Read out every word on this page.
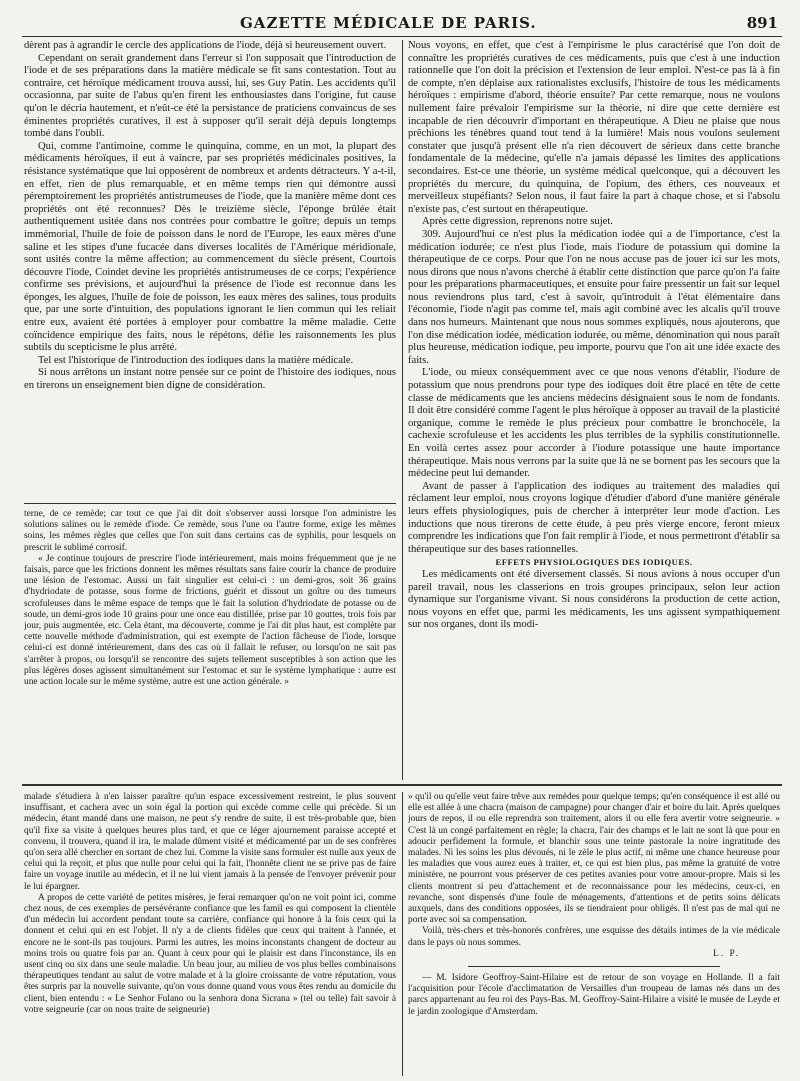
GAZETTE MÉDICALE DE PARIS.	891

dèrent pas à agrandir le cercle des applications de l'iode, déjà si heureusement ouvert.

Cependant on serait grandement dans l'erreur si l'on supposait que l'introduction de l'iode et de ses préparations dans la matière médicale se fît sans contestation. Tout au contraire, cet héroïque médicament trouva aussi, lui, ses Guy Patin. Les accidents qu'il occasionna, par suite de l'abus qu'en firent les enthousiastes dans l'origine, fut cause qu'on le décria hautement, et n'eût-ce été la persistance de praticiens convaincus de ses éminentes propriétés curatives, il est à supposer qu'il serait déjà depuis longtemps tombé dans l'oubli.

Qui, comme l'antimoine, comme le quinquina, comme, en un mot, la plupart des médicaments héroïques, il eut à vaincre, par ses propriétés médicinales positives, la résistance systématique que lui opposèrent de nombreux et ardents détracteurs. Y a-t-il, en effet, rien de plus remarquable, et en même temps rien qui démontre aussi péremptoirement les propriétés antistrumeuses de l'iode, que la manière même dont ces propriétés ont été reconnues? Dès le treizième siècle, l'éponge brûlée était authentiquement usitée dans nos contrées pour combattre le goître; depuis un temps immémorial, l'huile de foie de poisson dans le nord de l'Europe, les eaux mères d'une saline et les stipes d'une fucacée dans diverses localités de l'Amérique méridionale, sont usités contre la même affection; au commencement du siècle présent, Courtois découvre l'iode, Coindet devine les propriétés antistrumeuses de ce corps; l'expérience confirme ses prévisions, et aujourd'hui la présence de l'iode est reconnue dans les éponges, les algues, l'huile de foie de poisson, les eaux mères des salines, tous produits que, par une sorte d'intuition, des populations ignorant le lien commun qui les reliait entre eux, avaient été portées à employer pour combattre la même maladie. Cette coïncidence empirique des faits, nous le répétons, défie les raisonnements les plus subtils du scepticisme le plus arrêté.

Tel est l'historique de l'introduction des iodiques dans la matière médicale.

Si nous arrêtons un instant notre pensée sur ce point de l'histoire des iodiques, nous en tirerons un enseignement bien digne de considération.

terne, de ce remède; car tout ce que j'ai dit doit s'observer aussi lorsque l'on administre les solutions salines ou le remède d'iode. Ce remède, sous l'une ou l'autre forme, exige les mêmes soins, les mêmes règles que celles que l'on suit dans certains cas de syphilis, pour lesquels on prescrit le sublimé corrosif.

« Je continue toujours de prescrire l'iode intérieurement, mais moins fréquemment que je ne faisais, parce que les frictions donnent les mêmes résultats sans faire courir la chance de produire une lésion de l'estomac. Aussi un fait singulier est celui-ci : un demi-gros, soit 36 grains d'hydriodate de potasse, sous forme de frictions, guérit et dissout un goître ou des tumeurs scrofuleuses dans le même espace de temps que le fait la solution d'hydriodate de potasse ou de soude, un demi-gros iode 10 grains pour une once eau distillée, prise par 10 gouttes, trois fois par jour, puis augmentée, etc. Cela étant, ma découverte, comme je l'ai dit plus haut, est complète par cette nouvelle méthode d'administration, qui est exempte de l'action fâcheuse de l'iode, lorsque celui-ci est donné intérieurement, dans des cas où il fallait le refuser, ou lorsqu'on ne sait pas s'arrêter à propos, ou lorsqu'il se rencontre des sujets tellement susceptibles à son action que les plus légères doses agissent simultanément sur l'estomac et sur le système lymphatique : autre est une action locale sur le même système, autre est une action générale. »

Nous voyons, en effet, que c'est à l'empirisme le plus caractérisé que l'on doit de connaître les propriétés curatives de ces médicaments, puis que c'est à une induction rationnelle que l'on doit la précision et l'extension de leur emploi. N'est-ce pas là à fin de compte, n'en déplaise aux rationalistes exclusifs, l'histoire de tous les médicaments héroïques : empirisme d'abord, théorie ensuite? Par cette remarque, nous ne voulons nullement faire prévaloir l'empirisme sur la théorie, ni dire que cette dernière est incapable de rien découvrir d'important en thérapeutique. A Dieu ne plaise que nous prêchions les ténèbres quand tout tend à la lumière! Mais nous voulons seulement constater que jusqu'à présent elle n'a rien découvert de sérieux dans cette branche fondamentale de la médecine, qu'elle n'a jamais dépassé les limites des applications secondaires. Est-ce une théorie, un système médical quelconque, qui a découvert les propriétés du mercure, du quinquina, de l'opium, des éthers, ces nouveaux et merveilleux stupéfiants? Selon nous, il faut faire la part à chaque chose, et si l'absolu n'existe pas, c'est surtout en thérapeutique.

Après cette digression, reprenons notre sujet.

309. Aujourd'hui ce n'est plus la médication iodée qui a de l'importance, c'est la médication iodurée; ce n'est plus l'iode, mais l'iodure de potassium qui domine la thérapeutique de ce corps. Pour que l'on ne nous accuse pas de jouer ici sur les mots, nous dirons que nous n'avons cherché à établir cette distinction que parce qu'on l'a faite pour les préparations pharmaceutiques, et ensuite pour faire pressentir un fait sur lequel nous reviendrons plus tard, c'est à savoir, qu'introduit à l'état élémentaire dans l'économie, l'iode n'agit pas comme tel, mais agit combiné avec les alcalis qu'il trouve dans nos humeurs. Maintenant que nous nous sommes expliqués, nous ajouterons, que l'on dise médication iodée, médication iodurée, ou même, dénomination qui nous paraît plus heureuse, médication iodique, peu importe, pourvu que l'on ait une idée exacte des faits.

L'iode, ou mieux conséquemment avec ce que nous venons d'établir, l'iodure de potassium que nous prendrons pour type des iodiques doit être placé en tête de cette classe de médicaments que les anciens médecins désignaient sous le nom de fondants. Il doit être considéré comme l'agent le plus héroïque à opposer au travail de la plasticité organique, comme le remède le plus précieux pour combattre le bronchocèle, la cachexie scrofuleuse et les accidents les plus terribles de la syphilis constitutionnelle. En voilà certes assez pour accorder à l'iodure potassique une haute importance thérapeutique. Mais nous verrons par la suite que là ne se bornent pas les secours que la médecine peut lui demander.

Avant de passer à l'application des iodiques au traitement des maladies qui réclament leur emploi, nous croyons logique d'étudier d'abord d'une manière générale leurs effets physiologiques, puis de chercher à interpréter leur mode d'action. Les inductions que nous tirerons de cette étude, à peu près vierge encore, feront mieux comprendre les indications que l'on fait remplir à l'iode, et nous permettront d'établir sa thérapeutique sur des bases rationnelles.

EFFETS PHYSIOLOGIQUES DES IODIQUES.

Les médicaments ont été diversement classés. Si nous avions à nous occuper d'un pareil travail, nous les classerions en trois groupes principaux, selon leur action dynamique sur l'organisme vivant. Si nous considérons la production de cette action, nous voyons en effet que, parmi les médicaments, les uns agissent sympathiquement sur nos organes, dont ils modi-

malade s'étudiera à n'en laisser paraître qu'un espace excessivement restreint, le plus souvent insuffisant, et cachera avec un soin égal la portion qui excède comme celle qui précède. Si un médecin, étant mandé dans une maison, ne peut s'y rendre de suite, il est très-probable que, bien qu'il fixe sa visite à quelques heures plus tard, et que ce léger ajournement paraisse accepté et convenu, il trouvera, quand il ira, le malade dûment visité et médicamenté par un de ses confrères qu'on sera allé chercher en sortant de chez lui. Comme la visite sans formuler est nulle aux yeux de celui qui la reçoit, et plus que nulle pour celui qui la fait, l'honnête client ne se prive pas de faire faire un voyage inutile au médecin, et il ne lui vient jamais à la pensée de l'envoyer prévenir pour le lui épargner.

A propos de cette variété de petites misères, je ferai remarquer qu'on ne voit point ici, comme chez nous, de ces exemples de persévérante confiance que les famil es qui composent la clientèle d'un médecin lui accordent pendant toute sa carrière, confiance qui honore à la fois ceux qui la donnent et celui qui en est l'objet. Il n'y a de clients fidèles que ceux qui traitent à l'année, et encore ne le sont-ils pas toujours. Parmi les autres, les moins inconstants changent de docteur au moins trois ou quatre fois par an. Quant à ceux pour qui le plaisir est dans l'inconstance, ils en usent cinq ou six dans une seule maladie. Un beau jour, au milieu de vos plus belles combinaisons thérapeutiques tendant au salut de votre malade et à la gloire croissante de votre réputation, vous êtes surpris par la nouvelle suivante, qu'on vous donne quand vous vous êtes rendu au domicile du client, bien entendu : « Le Senhor Fulano ou la senhora dona Sicrana » (tel ou telle) fait savoir à votre seigneurie (car on nous traite de seigneurie)

» qu'il ou qu'elle veut faire trêve aux remèdes pour quelque temps; qu'en conséquence il est allé ou elle est allée à une chacra (maison de campagne) pour changer d'air et boire du lait. Après quelques jours de repos, il ou elle reprendra son traitement, alors il ou elle fera avertir votre seigneurie. » C'est là un congé parfaitement en règle; la chacra, l'air des champs et le lait ne sont là que pour en adoucir perfidement la formule, et blanchir sous une teinte pastorale la noire ingratitude des malades. Ni les soins les plus dévoués, ni le zèle le plus actif, ni même une chance heureuse pour les maladies que vous aurez eues à traiter, et, ce qui est bien plus, pas même la gratuité de votre ministère, ne pourront vous préserver de ces petites avanies pour votre amour-propre. Mais si les clients montrent si peu d'attachement et de reconnaissance pour les médecins, ceux-ci, en revanche, sont dispensés d'une foule de ménagements, d'attentions et de petits soins délicats auxquels, dans des conditions opposées, ils se tiendraient pour obligés. Il n'est pas de mal qui ne porte avec soi sa compensation.

Voilà, très-chers et très-honorés confrères, une esquisse des détails intimes de la vie médicale dans le pays où nous sommes.

L. P.

— M. Isidore Geoffroy-Saint-Hilaire est de retour de son voyage en Hollande. Il a fait l'acquisition pour l'école d'acclimatation de Versailles d'un troupeau de lamas nés dans un des parcs appartenant au feu roi des Pays-Bas. M. Geoffroy-Saint-Hilaire a visité le musée de Leyde et le jardin zoologique d'Amsterdam.
